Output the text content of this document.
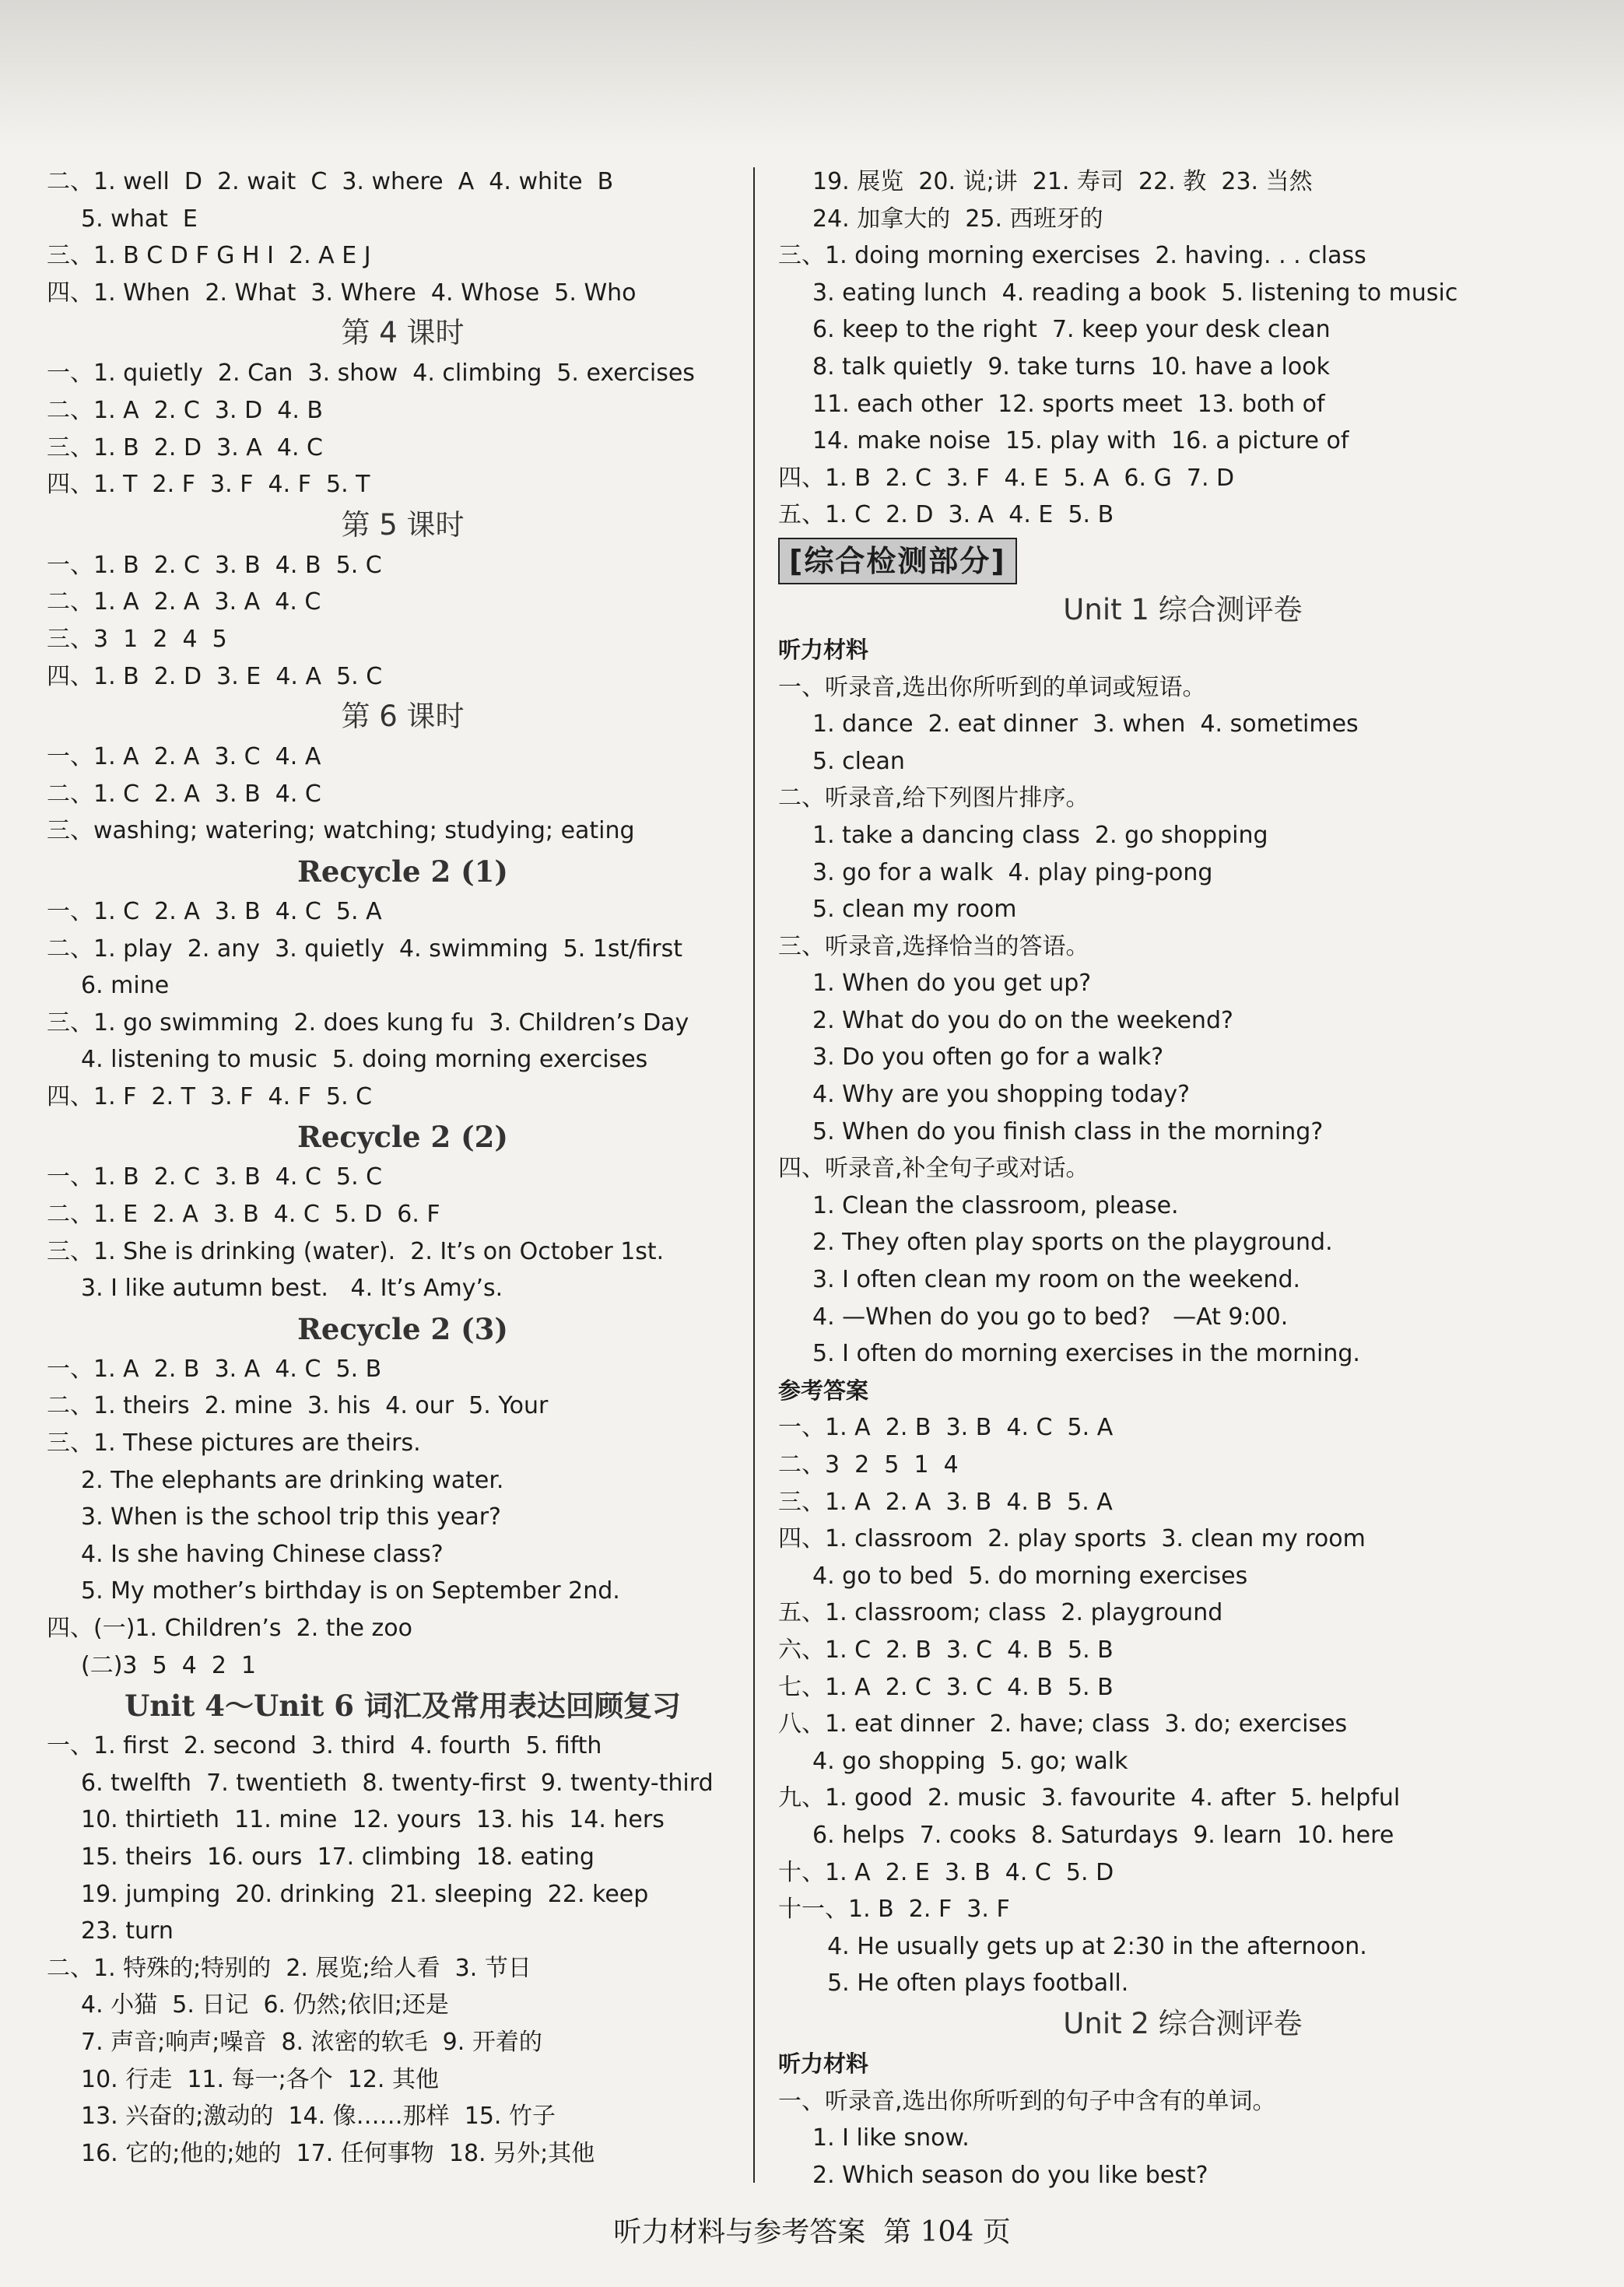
二、1. well  D  2. wait  C  3. where  A  4. white  B
5. what  E
三、1. B C D F G H I  2. A E J
四、1. When  2. What  3. Where  4. Whose  5. Who
第 4 课时
一、1. quietly  2. Can  3. show  4. climbing  5. exercises
二、1. A  2. C  3. D  4. B
三、1. B  2. D  3. A  4. C
四、1. T  2. F  3. F  4. F  5. T
第 5 课时
一、1. B  2. C  3. B  4. B  5. C
二、1. A  2. A  3. A  4. C
三、3  1  2  4  5
四、1. B  2. D  3. E  4. A  5. C
第 6 课时
一、1. A  2. A  3. C  4. A
二、1. C  2. A  3. B  4. C
三、washing; watering; watching; studying; eating
Recycle 2 (1)
一、1. C  2. A  3. B  4. C  5. A
二、1. play  2. any  3. quietly  4. swimming  5. 1st/first
6. mine
三、1. go swimming  2. does kung fu  3. Children’s Day
4. listening to music  5. doing morning exercises
四、1. F  2. T  3. F  4. F  5. C
Recycle 2 (2)
一、1. B  2. C  3. B  4. C  5. C
二、1. E  2. A  3. B  4. C  5. D  6. F
三、1. She is drinking (water).  2. It’s on October 1st.
3. I like autumn best.   4. It’s Amy’s.
Recycle 2 (3)
一、1. A  2. B  3. A  4. C  5. B
二、1. theirs  2. mine  3. his  4. our  5. Your
三、1. These pictures are theirs.
2. The elephants are drinking water.
3. When is the school trip this year?
4. Is she having Chinese class?
5. My mother’s birthday is on September 2nd.
四、(一)1. Children’s  2. the zoo
(二)3  5  4  2  1
Unit 4～Unit 6 词汇及常用表达回顾复习
一、1. first  2. second  3. third  4. fourth  5. fifth
6. twelfth  7. twentieth  8. twenty-first  9. twenty-third
10. thirtieth  11. mine  12. yours  13. his  14. hers
15. theirs  16. ours  17. climbing  18. eating
19. jumping  20. drinking  21. sleeping  22. keep
23. turn
二、1. 特殊的;特别的  2. 展览;给人看  3. 节日
4. 小猫  5. 日记  6. 仍然;依旧;还是
7. 声音;响声;噪音  8. 浓密的软毛  9. 开着的
10. 行走  11. 每一;各个  12. 其他
13. 兴奋的;激动的  14. 像……那样  15. 竹子
16. 它的;他的;她的  17. 任何事物  18. 另外;其他
19. 展览  20. 说;讲  21. 寿司  22. 教  23. 当然
24. 加拿大的  25. 西班牙的
三、1. doing morning exercises  2. having. . . class
3. eating lunch  4. reading a book  5. listening to music
6. keep to the right  7. keep your desk clean
8. talk quietly  9. take turns  10. have a look
11. each other  12. sports meet  13. both of
14. make noise  15. play with  16. a picture of
四、1. B  2. C  3. F  4. E  5. A  6. G  7. D
五、1. C  2. D  3. A  4. E  5. B
[综合检测部分]
Unit 1 综合测评卷
听力材料
一、听录音,选出你所听到的单词或短语。
1. dance  2. eat dinner  3. when  4. sometimes
5. clean
二、听录音,给下列图片排序。
1. take a dancing class  2. go shopping
3. go for a walk  4. play ping-pong
5. clean my room
三、听录音,选择恰当的答语。
1. When do you get up?
2. What do you do on the weekend?
3. Do you often go for a walk?
4. Why are you shopping today?
5. When do you finish class in the morning?
四、听录音,补全句子或对话。
1. Clean the classroom, please.
2. They often play sports on the playground.
3. I often clean my room on the weekend.
4. —When do you go to bed?   —At 9:00.
5. I often do morning exercises in the morning.
参考答案
一、1. A  2. B  3. B  4. C  5. A
二、3  2  5  1  4
三、1. A  2. A  3. B  4. B  5. A
四、1. classroom  2. play sports  3. clean my room
4. go to bed  5. do morning exercises
五、1. classroom; class  2. playground
六、1. C  2. B  3. C  4. B  5. B
七、1. A  2. C  3. C  4. B  5. B
八、1. eat dinner  2. have; class  3. do; exercises
4. go shopping  5. go; walk
九、1. good  2. music  3. favourite  4. after  5. helpful
6. helps  7. cooks  8. Saturdays  9. learn  10. here
十、1. A  2. E  3. B  4. C  5. D
十一、1. B  2. F  3. F
4. He usually gets up at 2:30 in the afternoon.
5. He often plays football.
Unit 2 综合测评卷
听力材料
一、听录音,选出你所听到的句子中含有的单词。
1. I like snow.
2. Which season do you like best?
听力材料与参考答案  第 104 页
